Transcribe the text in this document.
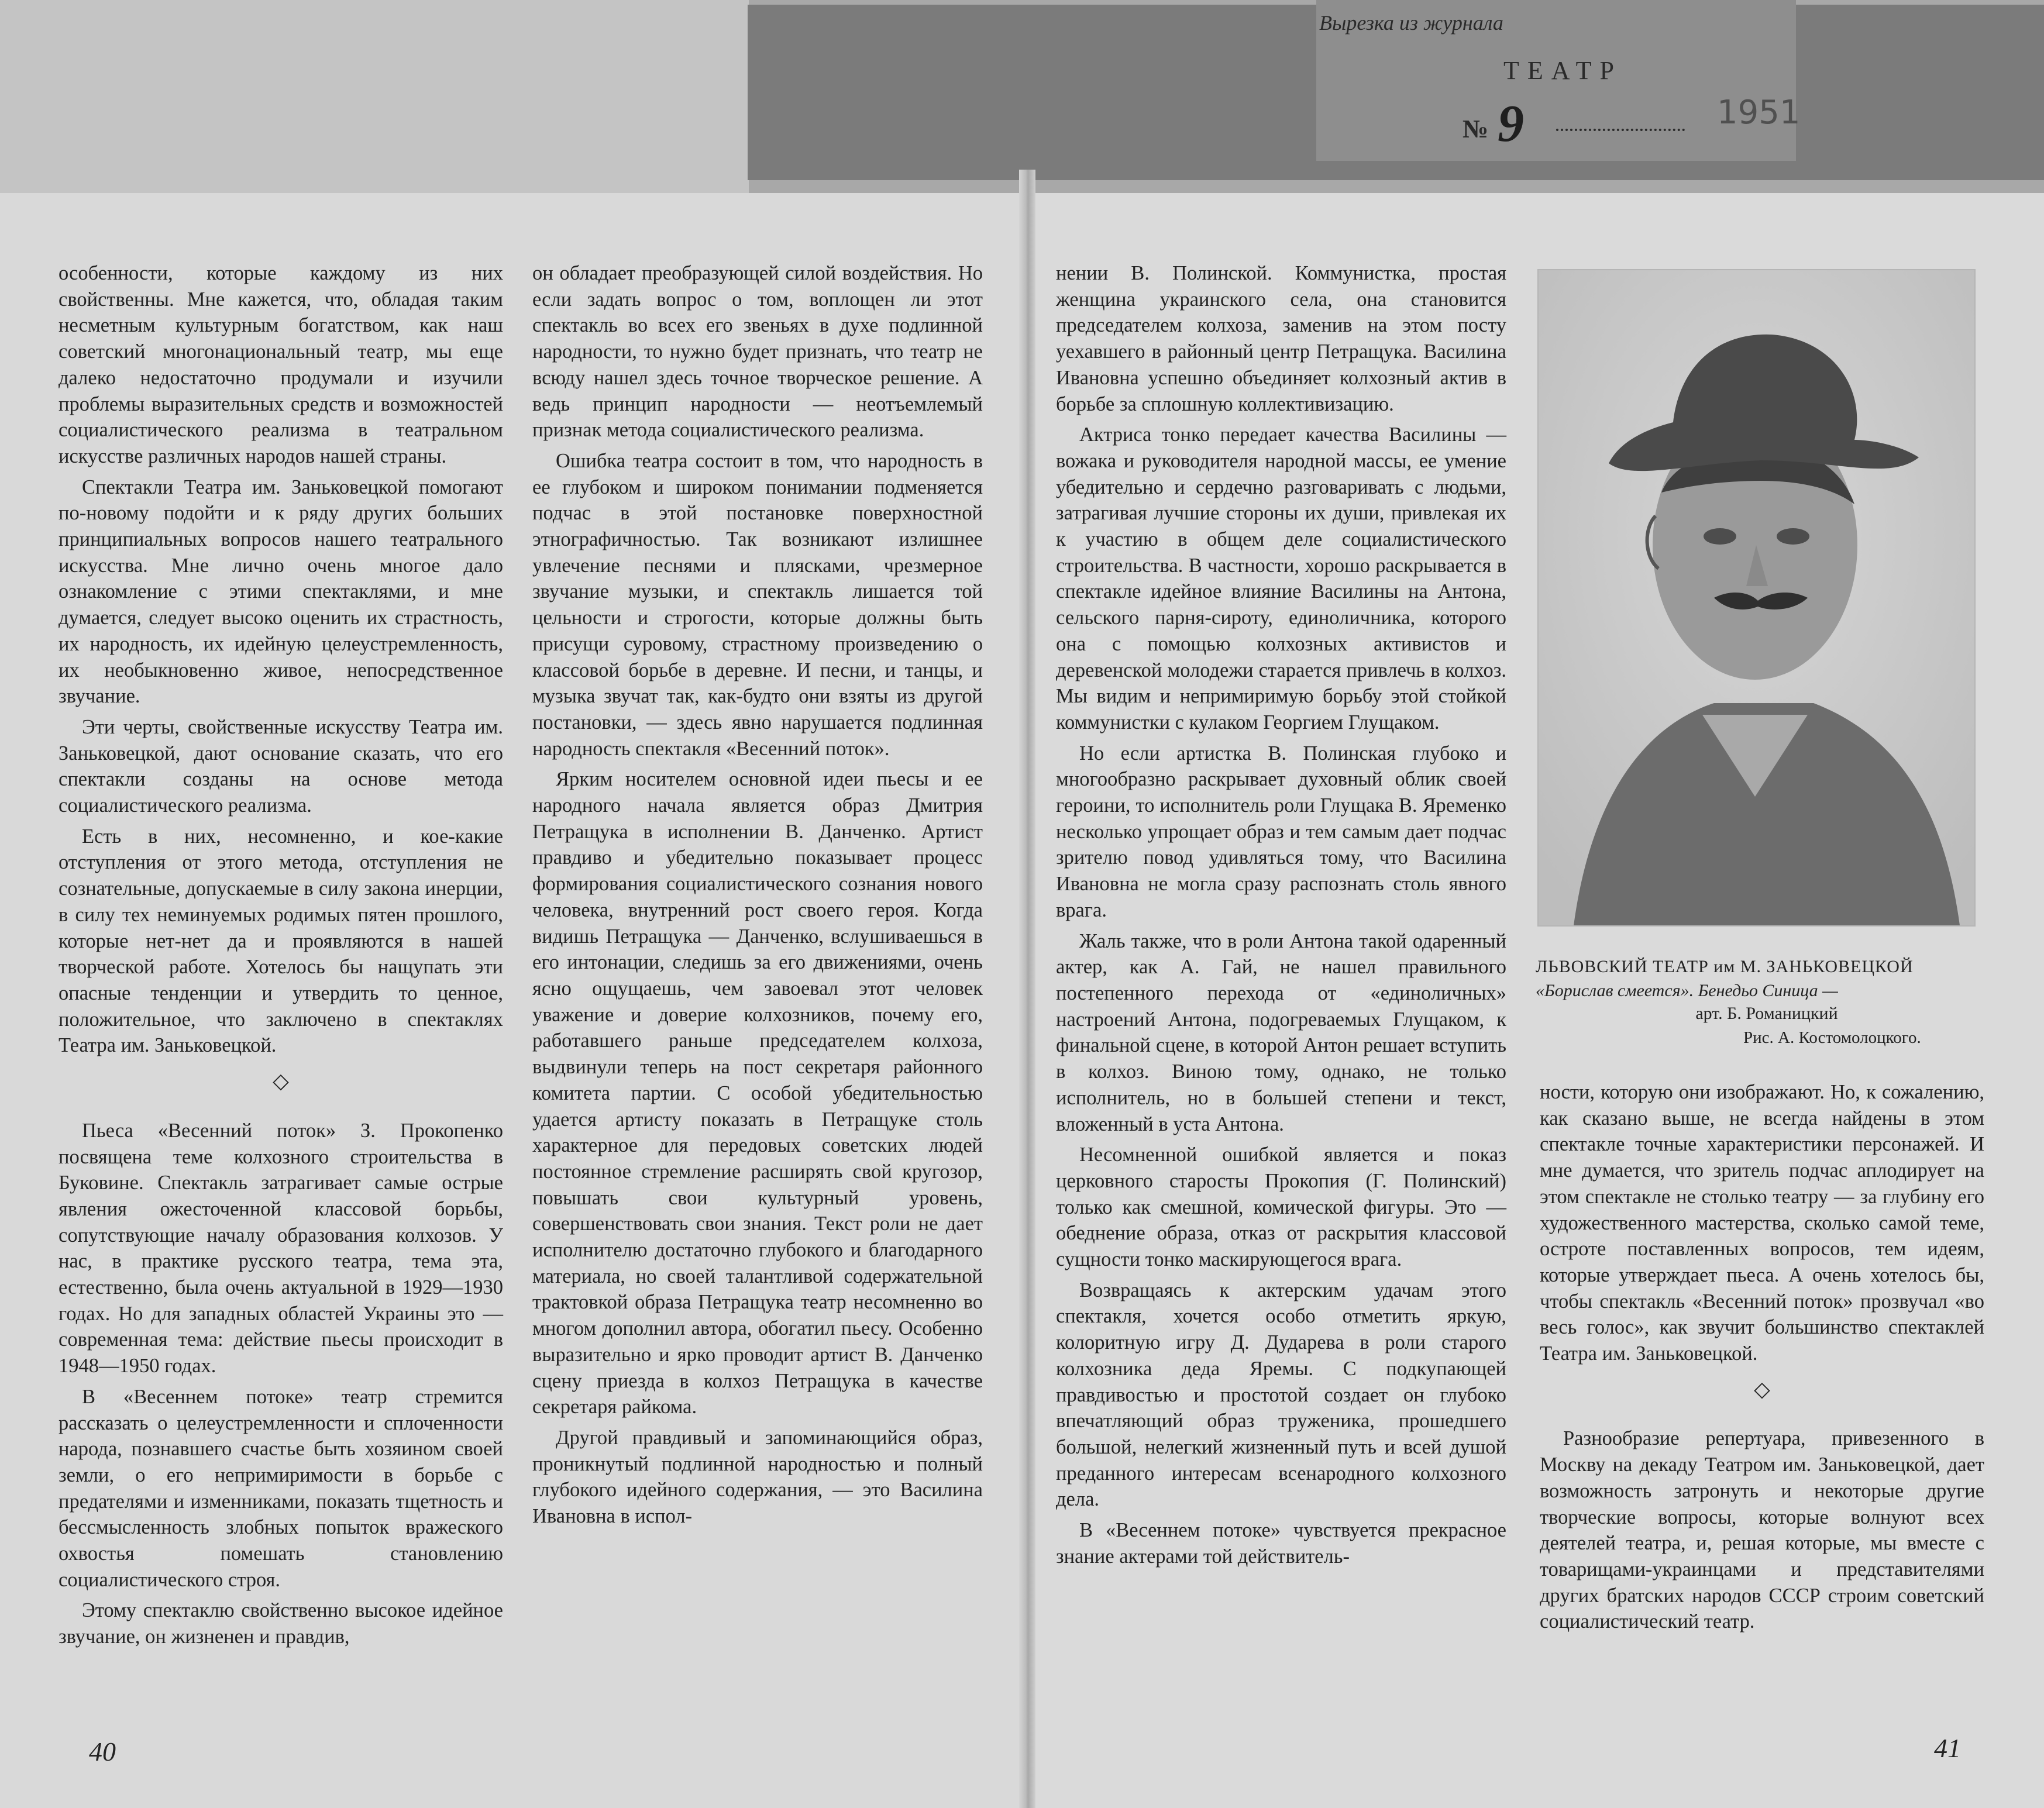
Вырезка из журнала
ТЕАТР
№ 9	1951

особенности, которые каждому из них свойственны. Мне кажется, что, обладая таким несметным культурным богатством, как наш советский многонациональный театр, мы еще далеко недостаточно продумали и изучили проблемы выразительных средств и возможностей социалистического реализма в театральном искусстве различных народов нашей страны.

Спектакли Театра им. Заньковецкой помогают по-новому подойти и к ряду других больших принципиальных вопросов нашего театрального искусства. Мне лично очень многое дало ознакомление с этими спектаклями, и мне думается, следует высоко оценить их страстность, их народность, их идейную целеустремленность, их необыкновенно живое, непосредственное звучание.

Эти черты, свойственные искусству Театра им. Заньковецкой, дают основание сказать, что его спектакли созданы на основе метода социалистического реализма.

Есть в них, несомненно, и кое-какие отступления от этого метода, отступления не сознательные, допускаемые в силу закона инерции, в силу тех неминуемых родимых пятен прошлого, которые нет-нет да и проявляются в нашей творческой работе. Хотелось бы нащупать эти опасные тенденции и утвердить то ценное, положительное, что заключено в спектаклях Театра им. Заньковецкой.

◇

Пьеса «Весенний поток» З. Прокопенко посвящена теме колхозного строительства в Буковине. Спектакль затрагивает самые острые явления ожесточенной классовой борьбы, сопутствующие началу образования колхозов. У нас, в практике русского театра, тема эта, естественно, была очень актуальной в 1929—1930 годах. Но для западных областей Украины это — современная тема: действие пьесы происходит в 1948—1950 годах.

В «Весеннем потоке» театр стремится рассказать о целеустремленности и сплоченности народа, познавшего счастье быть хозяином своей земли, о его непримиримости в борьбе с предателями и изменниками, показать тщетность и бессмысленность злобных попыток вражеского охвостья помешать становлению социалистического строя.

Этому спектаклю свойственно высокое идейное звучание, он жизненен и правдив,

он обладает преобразующей силой воздействия. Но если задать вопрос о том, воплощен ли этот спектакль во всех его звеньях в духе подлинной народности, то нужно будет признать, что театр не всюду нашел здесь точное творческое решение. А ведь принцип народности — неотъемлемый признак метода социалистического реализма.

Ошибка театра состоит в том, что народность в ее глубоком и широком понимании подменяется подчас в этой постановке поверхностной этнографичностью. Так возникают излишнее увлечение песнями и плясками, чрезмерное звучание музыки, и спектакль лишается той цельности и строгости, которые должны быть присущи суровому, страстному произведению о классовой борьбе в деревне. И песни, и танцы, и музыка звучат так, как-будто они взяты из другой постановки, — здесь явно нарушается подлинная народность спектакля «Весенний поток».

Ярким носителем основной идеи пьесы и ее народного начала является образ Дмитрия Петращука в исполнении В. Данченко. Артист правдиво и убедительно показывает процесс формирования социалистического сознания нового человека, внутренний рост своего героя. Когда видишь Петращука — Данченко, вслушиваешься в его интонации, следишь за его движениями, очень ясно ощущаешь, чем завоевал этот человек уважение и доверие колхозников, почему его, работавшего раньше председателем колхоза, выдвинули теперь на пост секретаря районного комитета партии. С особой убедительностью удается артисту показать в Петращуке столь характерное для передовых советских людей постоянное стремление расширять свой кругозор, повышать свои культурный уровень, совершенствовать свои знания. Текст роли не дает исполнителю достаточно глубокого и благодарного материала, но своей талантливой содержательной трактовкой образа Петращука театр несомненно во многом дополнил автора, обогатил пьесу. Особенно выразительно и ярко проводит артист В. Данченко сцену приезда в колхоз Петращука в качестве секретаря райкома.

Другой правдивый и запоминающийся образ, проникнутый подлинной народностью и полный глубокого идейного содержания, — это Василина Ивановна в испол-

нении В. Полинской. Коммунистка, простая женщина украинского села, она становится председателем колхоза, заменив на этом посту уехавшего в районный центр Петращука. Василина Ивановна успешно объединяет колхозный актив в борьбе за сплошную коллективизацию.

Актриса тонко передает качества Василины — вожака и руководителя народной массы, ее умение убедительно и сердечно разговаривать с людьми, затрагивая лучшие стороны их души, привлекая их к участию в общем деле социалистического строительства. В частности, хорошо раскрывается в спектакле идейное влияние Василины на Антона, сельского парня-сироту, единоличника, которого она с помощью колхозных активистов и деревенской молодежи старается привлечь в колхоз. Мы видим и непримиримую борьбу этой стойкой коммунистки с кулаком Георгием Глущаком.

Но если артистка В. Полинская глубоко и многообразно раскрывает духовный облик своей героини, то исполнитель роли Глущака В. Яременко несколько упрощает образ и тем самым дает подчас зрителю повод удивляться тому, что Василина Ивановна не могла сразу распознать столь явного врага.

Жаль также, что в роли Антона такой одаренный актер, как А. Гай, не нашел правильного постепенного перехода от «единоличных» настроений Антона, подогреваемых Глущаком, к финальной сцене, в которой Антон решает вступить в колхоз. Виною тому, однако, не только исполнитель, но в большей степени и текст, вложенный в уста Антона.

Несомненной ошибкой является и показ церковного старосты Прокопия (Г. Полинский) только как смешной, комической фигуры. Это — обеднение образа, отказ от раскрытия классовой сущности тонко маскирующегося врага.

Возвращаясь к актерским удачам этого спектакля, хочется особо отметить яркую, колоритную игру Д. Дударева в роли старого колхозника деда Яремы. С подкупающей правдивостью и простотой создает он глубоко впечатляющий образ труженика, прошедшего большой, нелегкий жизненный путь и всей душой преданного интересам всенародного колхозного дела.

В «Весеннем потоке» чувствуется прекрасное знание актерами той действитель-

ности, которую они изображают. Но, к сожалению, как сказано выше, не всегда найдены в этом спектакле точные характеристики персонажей. И мне думается, что зритель подчас аплодирует на этом спектакле не столько театру — за глубину его художественного мастерства, сколько самой теме, остроте поставленных вопросов, тем идеям, которые утверждает пьеса. А очень хотелось бы, чтобы спектакль «Весенний поток» прозвучал «во весь голос», как звучит большинство спектаклей Театра им. Заньковецкой.

◇

Разнообразие репертуара, привезенного в Москву на декаду Театром им. Заньковецкой, дает возможность затронуть и некоторые другие творческие вопросы, которые волнуют всех деятелей театра, и, решая которые, мы вместе с товарищами-украинцами и представителями других братских народов СССР строим советский социалистический театр.

ЛЬВОВСКИЙ ТЕАТР им М. ЗАНЬКОВЕЦКОЙ
«Борислав смеется». Бенедьо Синица —
арт. Б. Романицкий
Рис. А. Костомолоцкого.
40	41
